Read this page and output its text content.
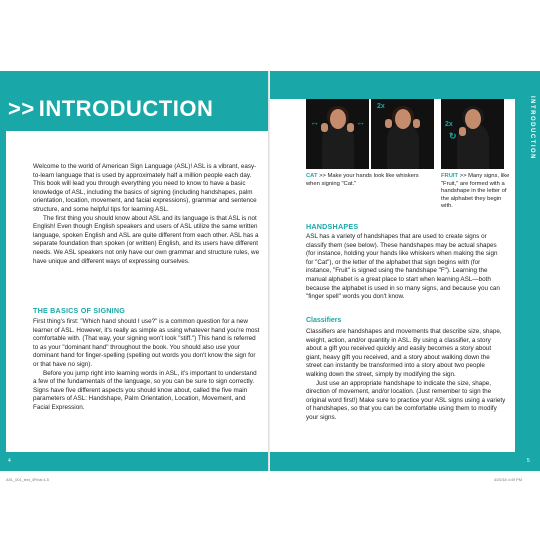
>> INTRODUCTION

Welcome to the world of American Sign Language (ASL)! ASL is a vibrant, easy-to-learn language that is used by approximately half a million people each day. This book will lead you through everything you need to know to have a basic knowledge of ASL, including the basics of signing (including handshapes, palm orientation, location, movement, and facial expressions), grammar and sentence structure, and some helpful tips for learning ASL.

The first thing you should know about ASL and its language is that ASL is not English! Even though English speakers and users of ASL utilize the same written language, spoken English and ASL are quite different from each other. ASL has a separate foundation than spoken (or written) English, and its users have different needs. We ASL speakers not only have our own grammar and structure rules, we have unique and different ways of expressing ourselves.

THE BASICS OF SIGNING

First thing's first: "Which hand should I use?" is a common question for a new learner of ASL. However, it's really as simple as using whatever hand you're most comfortable with. (That way, your signing won't look "stiff.") This hand is referred to as your "dominant hand" throughout the book. You should also use your dominant hand for finger-spelling (spelling out words you don't know the sign for or that have no sign).

Before you jump right into learning words in ASL, it's important to understand a few of the fundamentals of the language, so you can be sure to sign correctly. Signs have five different aspects you should know about, called the five main parameters of ASL: Handshape, Palm Orientation, Location, Movement, and Facial Expression.

4
INTRODUCTION
↔	↔
2x
2x
↻
CAT >> Make your hands look like whiskers when signing "Cat."
FRUIT >> Many signs, like "Fruit," are formed with a handshape in the letter of the alphabet they begin with.
HANDSHAPES

ASL has a variety of handshapes that are used to create signs or classify them (see below). These handshapes may be actual shapes (for instance, holding your hands like whiskers when making the sign for "Cat"), or the letter of the alphabet that sign begins with (for instance, "Fruit" is signed using the handshape "F"). Learning the manual alphabet is a great place to start when learning ASL—both because the alphabet is used in so many signs, and because you can "finger spell" words you don't know.

Classifiers

Classifiers are handshapes and movements that describe size, shape, weight, action, and/or quantity in ASL. By using a classifier, a story about a gift you received quickly and easily becomes a story about giant, heavy gift you received, and a story about walking down the street can instantly be transformed into a story about two people walking down the street, simply by modifying the sign.

Just use an appropriate handshape to indicate the size, shape, direction of movement, and/or location. (Just remember to sign the original word first!) Make sure to practice your ASL signs using a variety of handshapes, so that you can be comfortable using them to modify your signs.

5
ASL_001_text_4Final 4-5	4/20/18 4:49 PM
